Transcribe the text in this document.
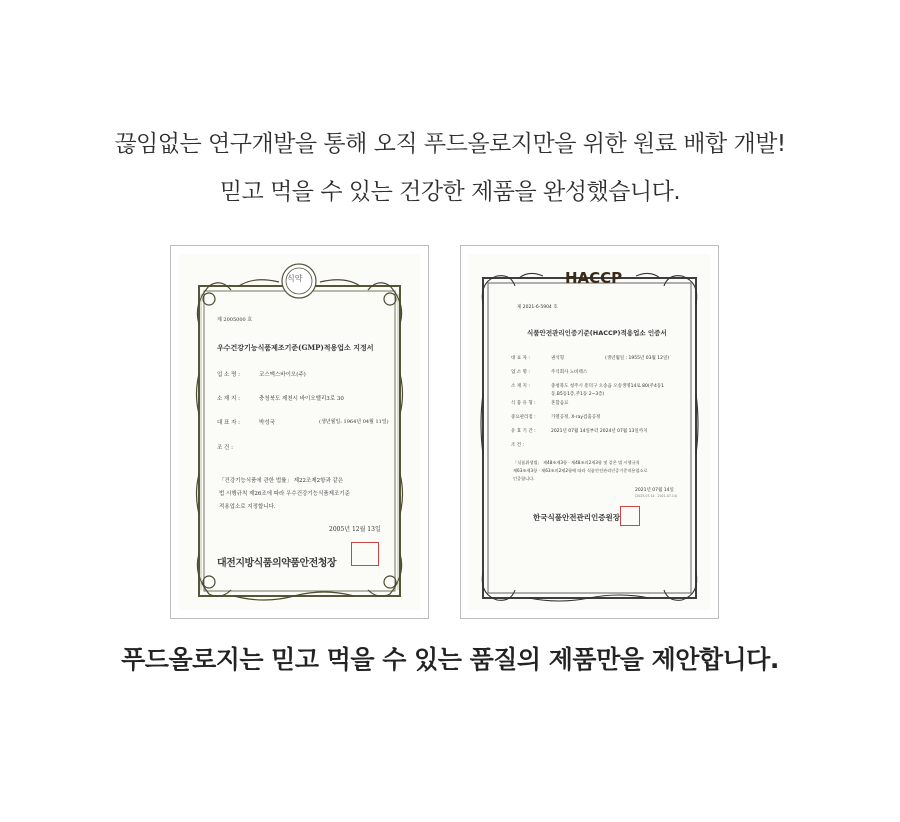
끊임없는 연구개발을 통해 오직 푸드올로지만을 위한 원료 배합 개발!

믿고 먹을 수 있는 건강한 제품을 완성했습니다.

식약
제 2005000 호
우수건강기능식품제조기준(GMP)적용업소 지정서
업 소 명 :	코스맥스바이오(주)
소 재 지 :	충청북도 제천시 바이오밸리3로 30
대 표 자 :	박성국	(생년월일: 1964년 04월 11일)
조 건 :
「건강기능식품에 관한 법률」 제22조제2항과 같은
법 시행규칙 제26조에 따라 우수건강기능식품제조기준
적용업소로 지정합니다.
2005년 12월 13일
대전지방식품의약품안전청장
HACCP
제 2021-6-5904 호
식품안전관리인증기준(HACCP)적용업소 인증서
대 표 자 :	권석형	(생년월일 : 1955년 03월 12일)
업 소 명 :	주식회사 노바렉스
소 재 지 :	충청북도 청주시 흥덕구 오송읍 오송생명14로 80(주4동1
동,B5동1층,주1동 2~3층)
식 품 유 형 :	혼합음료
중요관리점 :	가열공정, X-ray검출공정
유 효 기 간 :	2021년 07월 14일부터 2024년 07월 13일까지
조 건 :
「식품위생법」 제48조제3항 · 제48조의2제3항 및 같은 법 시행규칙
제63조제3항 · 제63조의2제2항에 따라 식품안전관리인증기준적용업소로
인증합니다.
2021년 07월 14일
(2025.07.14 - 2021.07.14)
한국식품안전관리인증원장

푸드올로지는 믿고 먹을 수 있는 품질의 제품만을 제안합니다.
